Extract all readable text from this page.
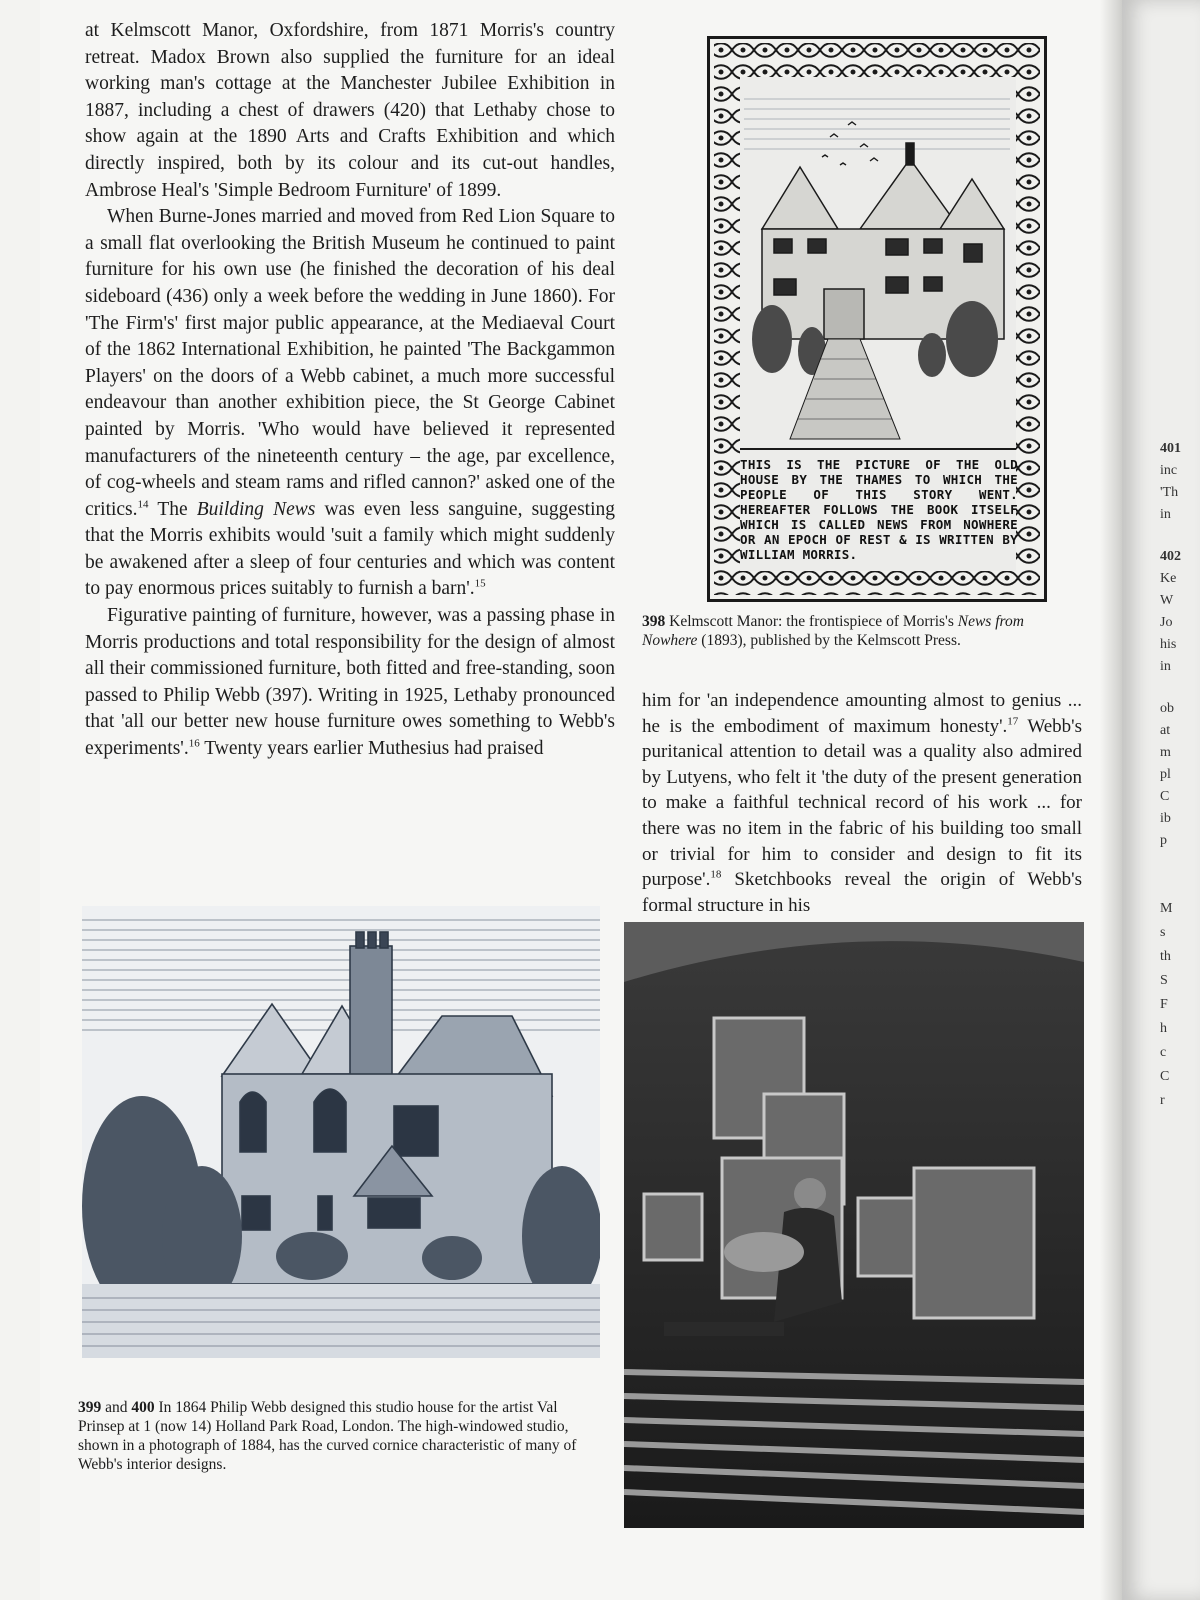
at Kelmscott Manor, Oxfordshire, from 1871 Morris's country retreat. Madox Brown also supplied the furniture for an ideal working man's cottage at the Manchester Jubilee Exhibition in 1887, including a chest of drawers (420) that Lethaby chose to show again at the 1890 Arts and Crafts Exhibition and which directly inspired, both by its colour and its cut-out handles, Ambrose Heal's 'Simple Bedroom Furniture' of 1899.

When Burne-Jones married and moved from Red Lion Square to a small flat overlooking the British Museum he continued to paint furniture for his own use (he finished the decoration of his deal sideboard (436) only a week before the wedding in June 1860). For 'The Firm's' first major public appearance, at the Mediaeval Court of the 1862 International Exhibition, he painted 'The Backgammon Players' on the doors of a Webb cabinet, a much more successful endeavour than another exhibition piece, the St George Cabinet painted by Morris. 'Who would have believed it represented manufacturers of the nineteenth century – the age, par excellence, of cog-wheels and steam rams and rifled cannon?' asked one of the critics.$^{14}$ The Building News was even less sanguine, suggesting that the Morris exhibits would 'suit a family which might suddenly be awakened after a sleep of four centuries and which was content to pay enormous prices suitably to furnish a barn'.$^{15}$

Figurative painting of furniture, however, was a passing phase in Morris productions and total responsibility for the design of almost all their commissioned furniture, both fitted and free-standing, soon passed to Philip Webb (397). Writing in 1925, Lethaby pronounced that 'all our better new house furniture owes something to Webb's experiments'.$^{16}$ Twenty years earlier Muthesius had praised

THIS IS THE PICTURE OF THE OLD HOUSE BY THE THAMES TO WHICH THE PEOPLE OF THIS STORY WENT. HEREAFTER FOLLOWS THE BOOK ITSELF WHICH IS CALLED NEWS FROM NOWHERE OR AN EPOCH OF REST & IS WRITTEN BY WILLIAM MORRIS.
398 Kelmscott Manor: the frontispiece of Morris's News from Nowhere (1893), published by the Kelmscott Press.
him for 'an independence amounting almost to genius ... he is the embodiment of maximum honesty'.$^{17}$ Webb's puritanical attention to detail was a quality also admired by Lutyens, who felt it 'the duty of the present generation to make a faithful technical record of his work ... for there was no item in the fabric of his building too small or trivial for him to consider and design to fit its purpose'.$^{18}$ Sketchbooks reveal the origin of Webb's formal structure in his
399 and 400 In 1864 Philip Webb designed this studio house for the artist Val Prinsep at 1 (now 14) Holland Park Road, London. The high-windowed studio, shown in a photograph of 1884, has the curved cornice characteristic of many of Webb's interior designs.
401
inc
'Th
in
402
Ke
W
Jo
his
in
ob
at
m
pl
C
ib
p
M
s
th
S
F
h
c
C
r
